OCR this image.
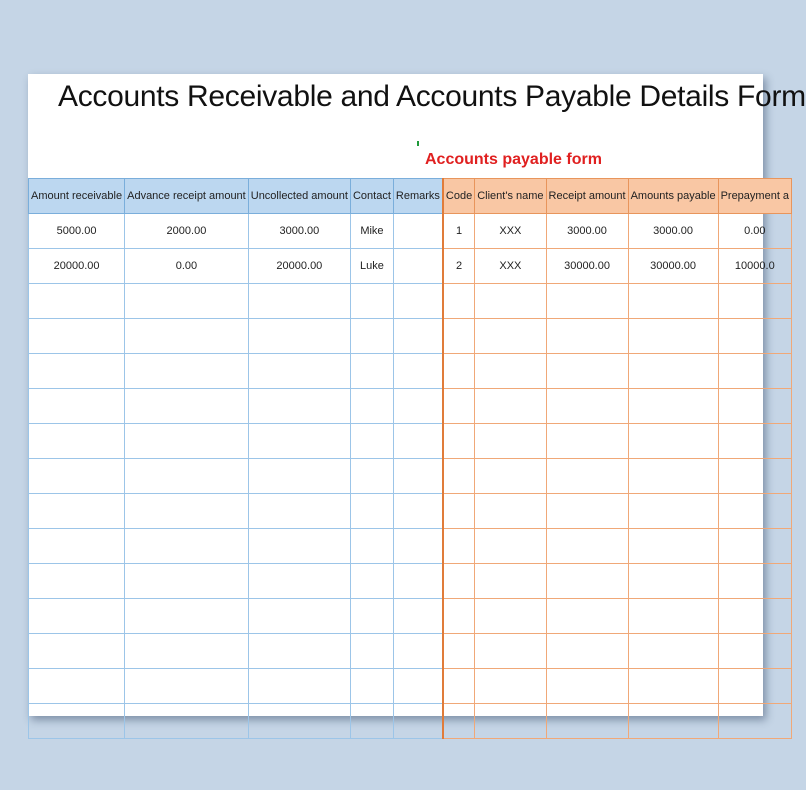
Accounts Receivable and Accounts Payable Details Form
Accounts payable form
Amount receivable	Advance receipt amount	Uncollected amount	Contact	Remarks	Code	Client's name	Receipt amount	Amounts payable	Prepayment a
5000.00	2000.00	3000.00	Mike		1	XXX	3000.00	3000.00	0.00
20000.00	0.00	20000.00	Luke		2	XXX	30000.00	30000.00	10000.0
